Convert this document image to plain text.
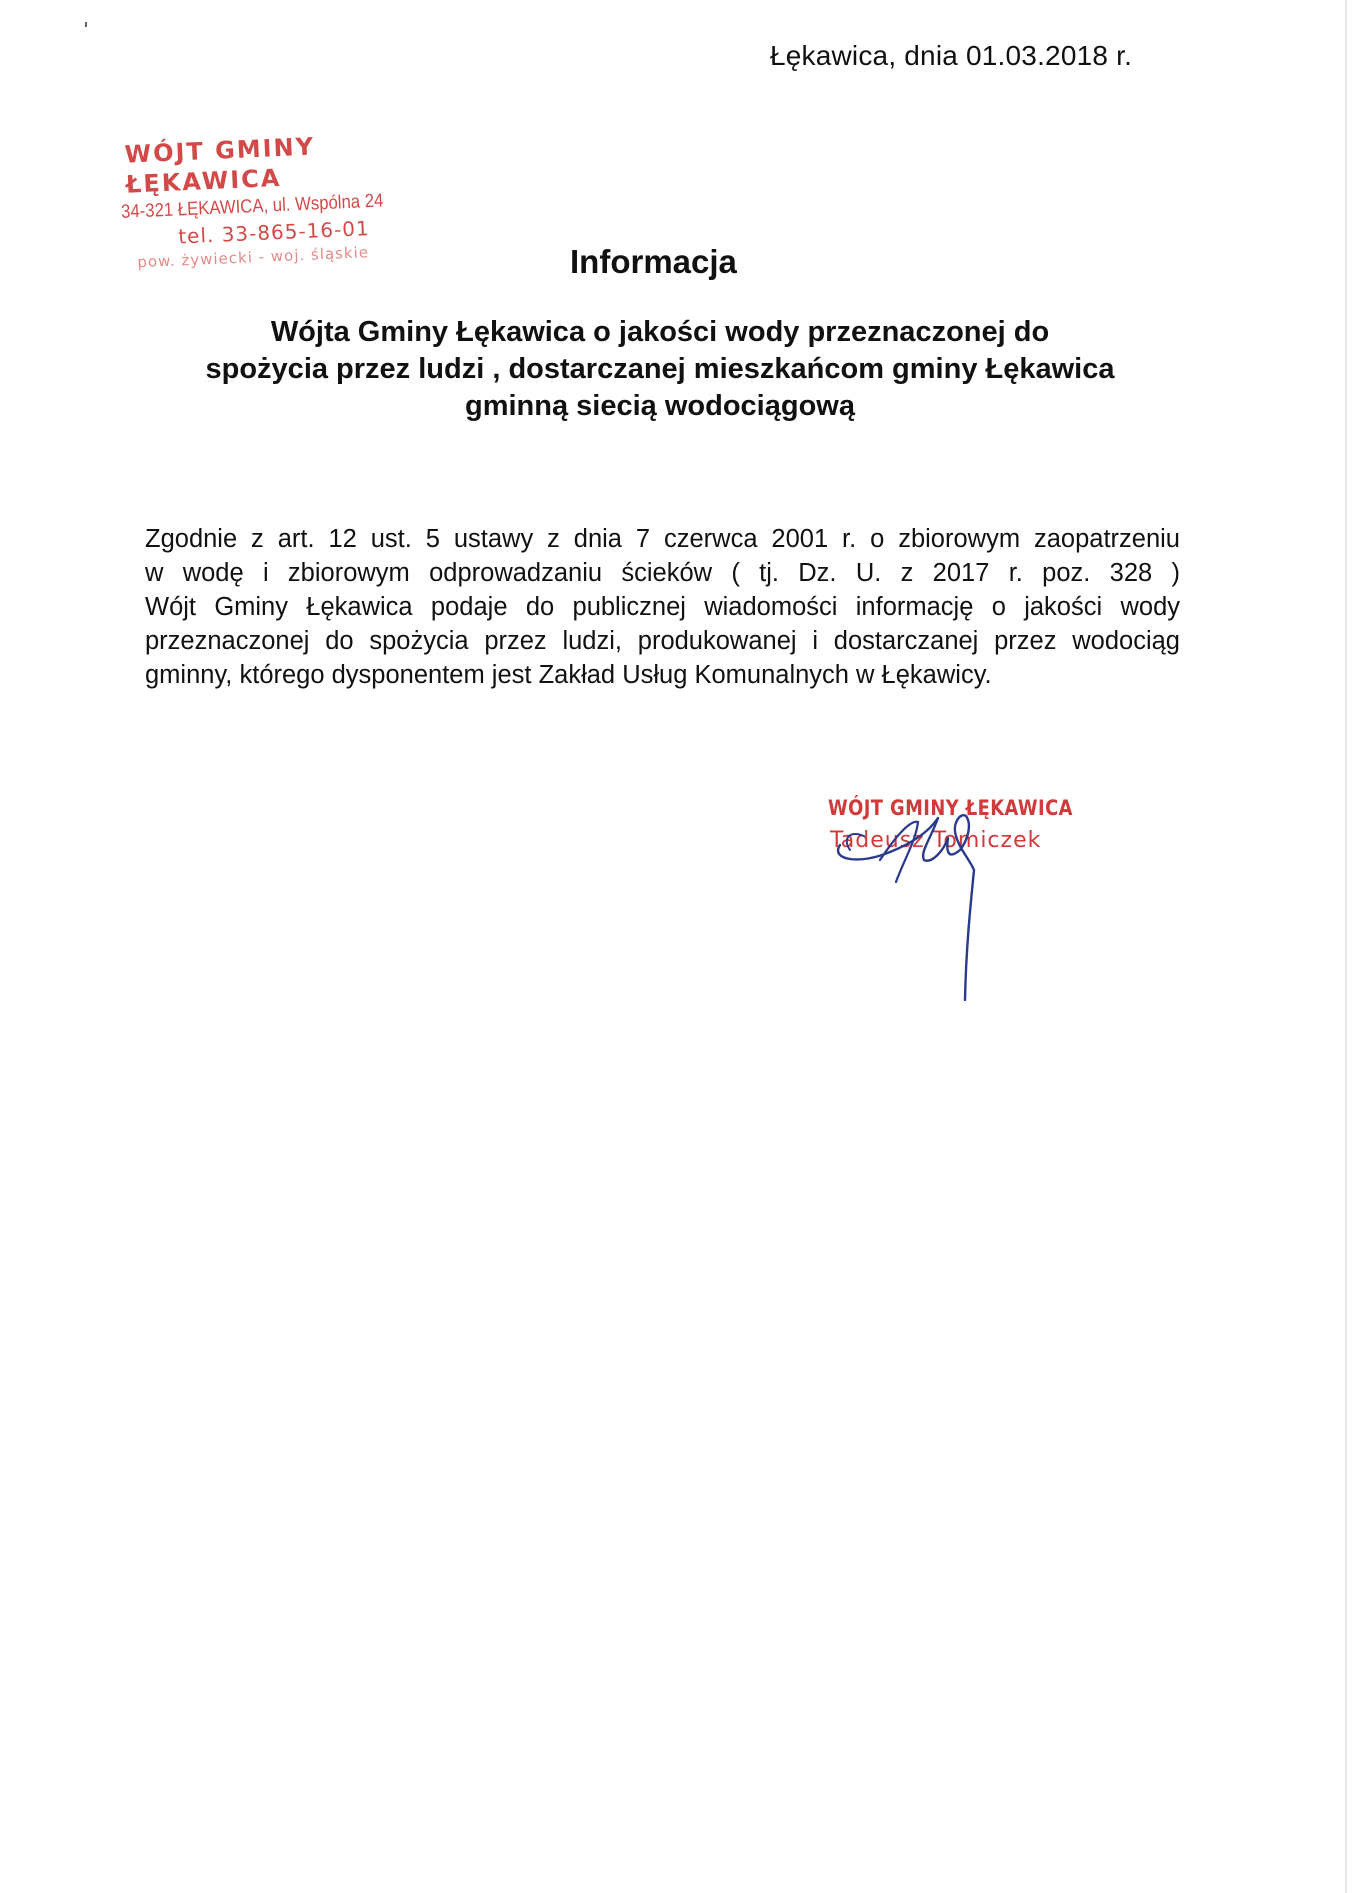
Łękawica, dnia 01.03.2018 r.
WÓJT GMINY ŁĘKAWICA
34-321 ŁĘKAWICA, ul. Wspólna 24
tel. 33-865-16-01
pow. żywiecki - woj. śląskie	Informacja
Wójta Gminy Łękawica o jakości wody przeznaczonej do
spożycia przez ludzi , dostarczanej mieszkańcom gminy Łękawica
gminną siecią wodociągową
Zgodnie z art. 12 ust. 5 ustawy z dnia 7 czerwca 2001 r. o zbiorowym zaopatrzeniu
w wodę i zbiorowym odprowadzaniu ścieków ( tj. Dz. U. z 2017 r. poz. 328 )
Wójt Gminy Łękawica podaje do publicznej wiadomości informację o jakości wody
przeznaczonej do spożycia przez ludzi, produkowanej i dostarczanej przez wodociąg
gminny, którego dysponentem jest Zakład Usług Komunalnych w Łękawicy.
WÓJT GMINY ŁĘKAWICA
Tadeusz Tomiczek
